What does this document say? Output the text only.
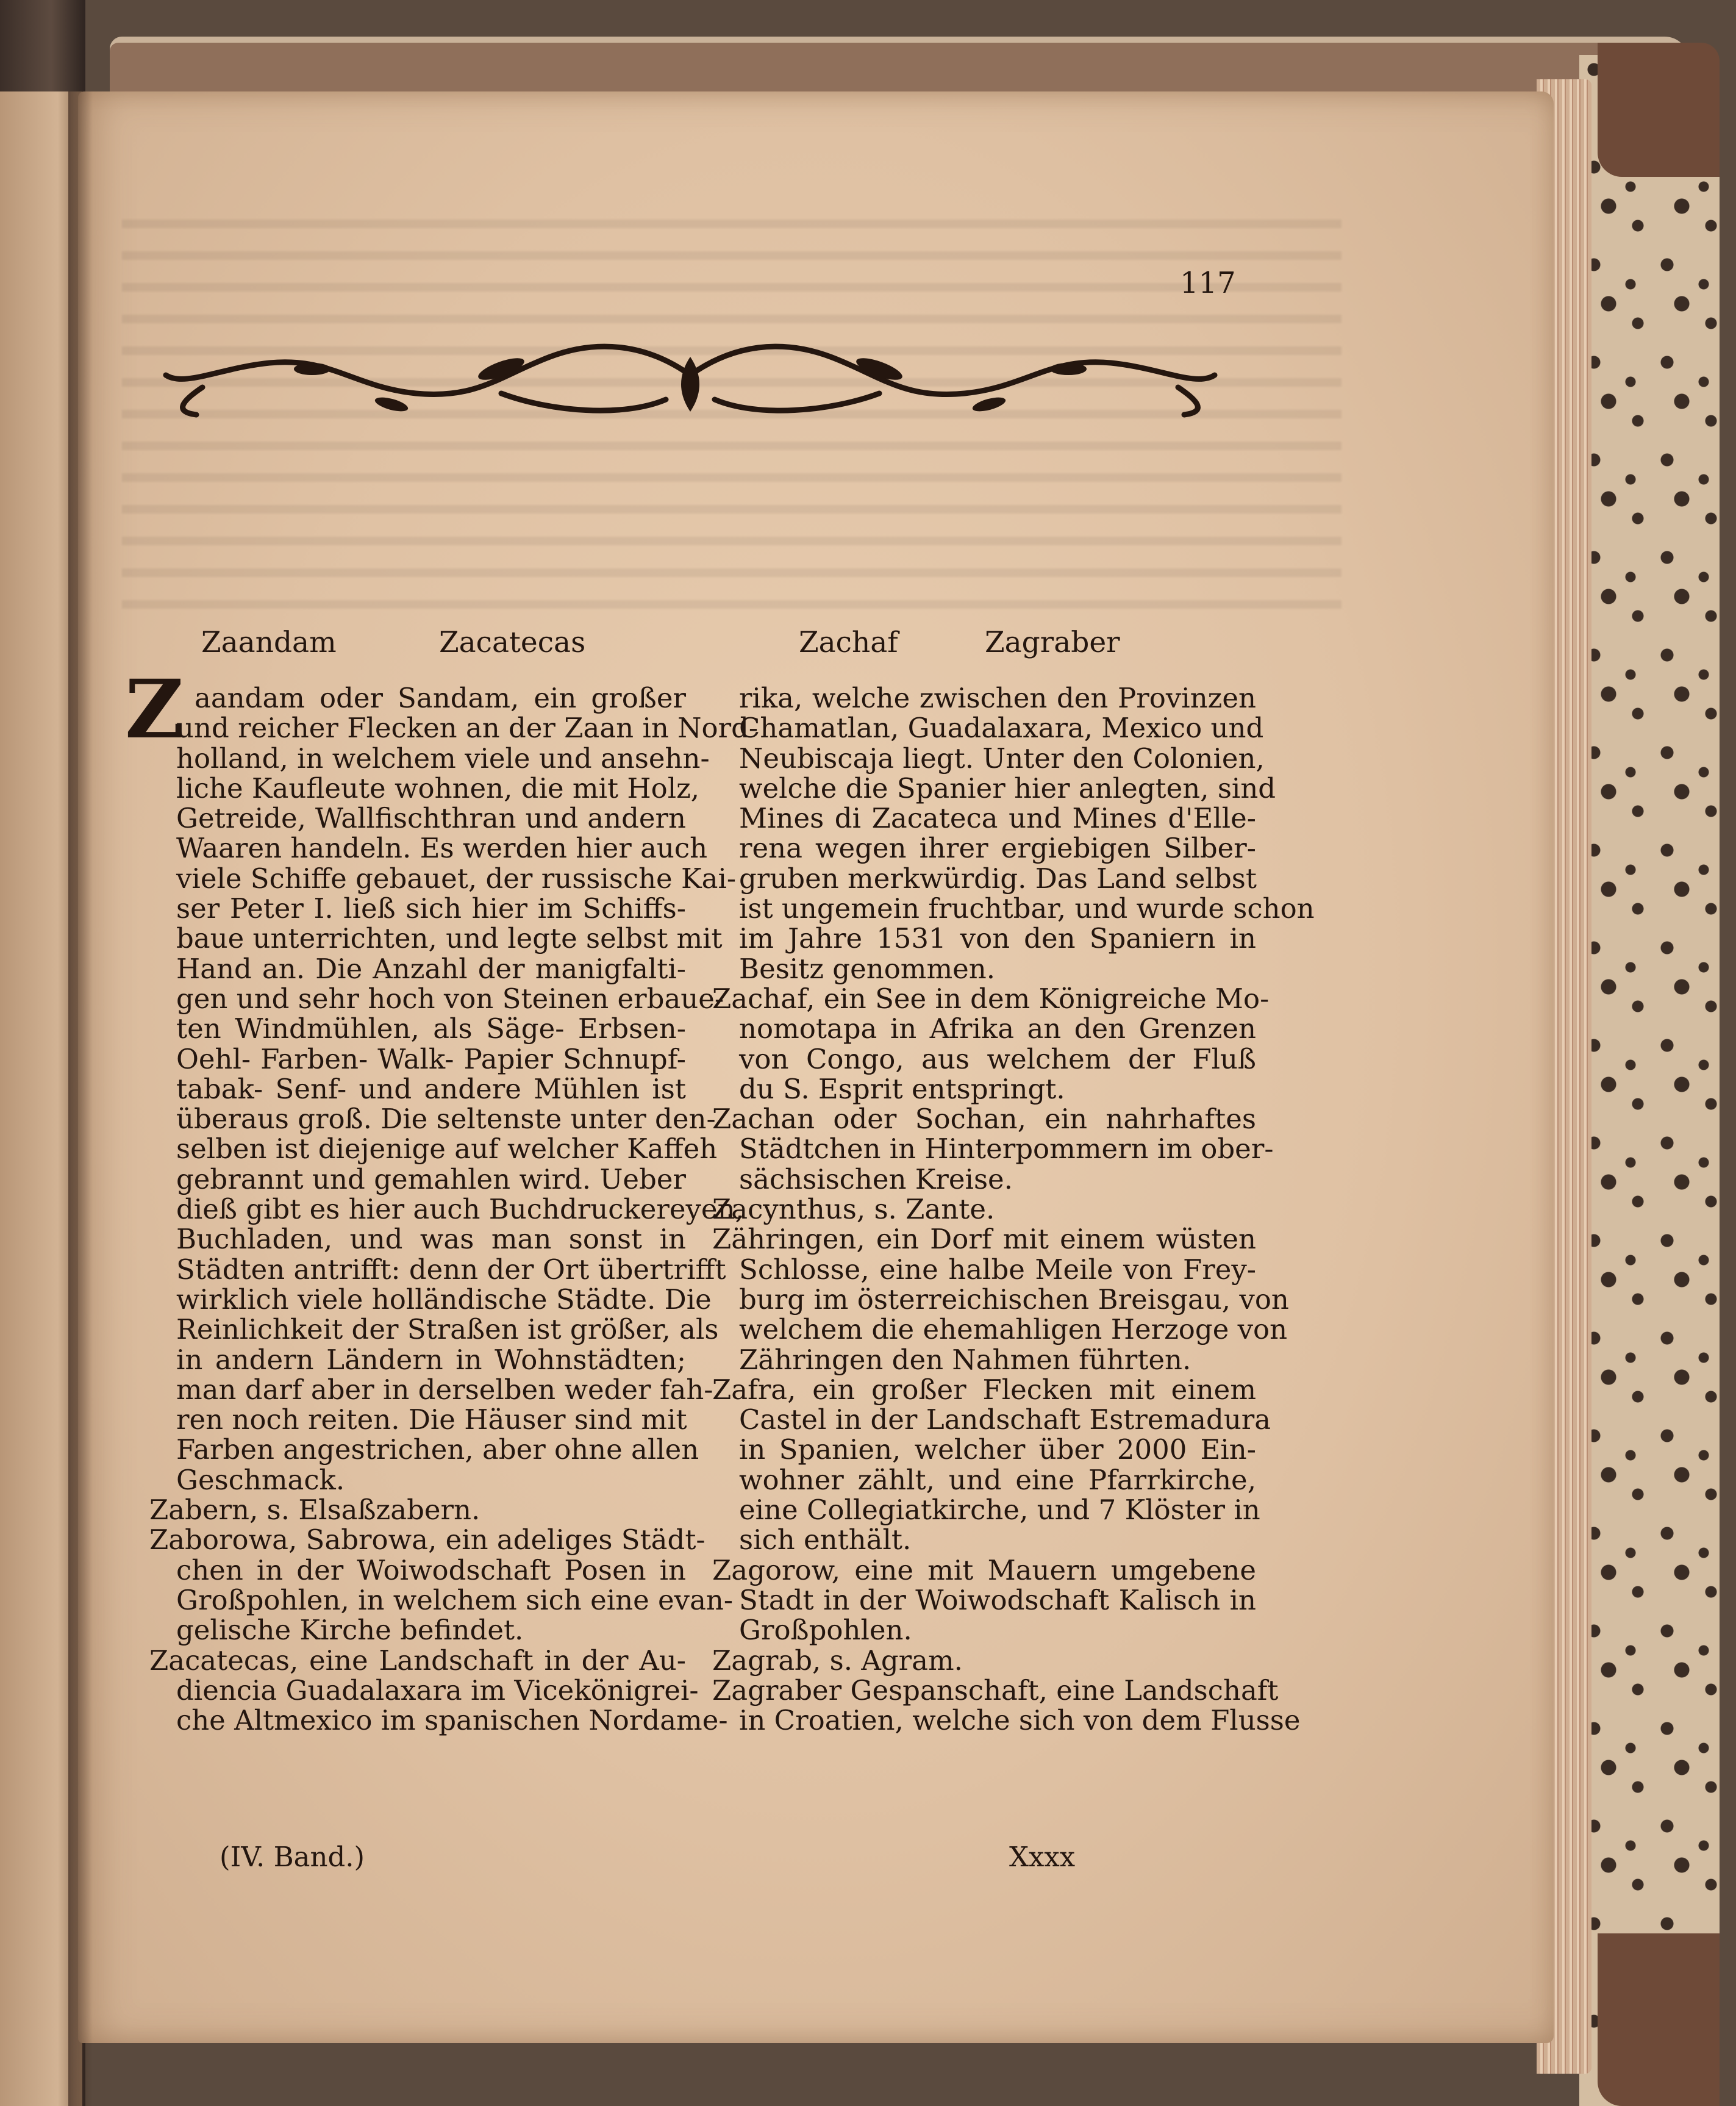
117
Zaandam	Zacatecas	Zachaf	Zagraber
Z aandam oder Sandam, ein großer
und reicher Flecken an der Zaan in Nord-
holland, in welchem viele und ansehn-
liche Kaufleute wohnen, die mit Holz,
Getreide, Wallfischthran und andern
Waaren handeln. Es werden hier auch
viele Schiffe gebauet, der russische Kai-
ser Peter I. ließ sich hier im Schiffs-
baue unterrichten, und legte selbst mit
Hand an. Die Anzahl der manigfalti-
gen und sehr hoch von Steinen erbaue-
ten Windmühlen, als Säge- Erbsen-
Oehl- Farben- Walk- Papier Schnupf-
tabak- Senf- und andere Mühlen ist
überaus groß. Die seltenste unter den-
selben ist diejenige auf welcher Kaffeh
gebrannt und gemahlen wird. Ueber
dieß gibt es hier auch Buchdruckereyen,
Buchladen, und was man sonst in
Städten antrifft: denn der Ort übertrifft
wirklich viele holländische Städte. Die
Reinlichkeit der Straßen ist größer, als
in andern Ländern in Wohnstädten;
man darf aber in derselben weder fah-
ren noch reiten. Die Häuser sind mit
Farben angestrichen, aber ohne allen
Geschmack.
Zabern, s. Elsaßzabern.
Zaborowa, Sabrowa, ein adeliges Städt-
chen in der Woiwodschaft Posen in
Großpohlen, in welchem sich eine evan-
gelische Kirche befindet.
Zacatecas, eine Landschaft in der Au-
diencia Guadalaxara im Vicekönigrei-
che Altmexico im spanischen Nordame-
rika, welche zwischen den Provinzen
Chamatlan, Guadalaxara, Mexico und
Neubiscaja liegt. Unter den Colonien,
welche die Spanier hier anlegten, sind
Mines di Zacateca und Mines d'Elle-
rena wegen ihrer ergiebigen Silber-
gruben merkwürdig. Das Land selbst
ist ungemein fruchtbar, und wurde schon
im Jahre 1531 von den Spaniern in
Besitz genommen.
Zachaf, ein See in dem Königreiche Mo-
nomotapa in Afrika an den Grenzen
von Congo, aus welchem der Fluß
du S. Esprit entspringt.
Zachan oder Sochan, ein nahrhaftes
Städtchen in Hinterpommern im ober-
sächsischen Kreise.
Zacynthus, s. Zante.
Zähringen, ein Dorf mit einem wüsten
Schlosse, eine halbe Meile von Frey-
burg im österreichischen Breisgau, von
welchem die ehemahligen Herzoge von
Zähringen den Nahmen führten.
Zafra, ein großer Flecken mit einem
Castel in der Landschaft Estremadura
in Spanien, welcher über 2000 Ein-
wohner zählt, und eine Pfarrkirche,
eine Collegiatkirche, und 7 Klöster in
sich enthält.
Zagorow, eine mit Mauern umgebene
Stadt in der Woiwodschaft Kalisch in
Großpohlen.
Zagrab, s. Agram.
Zagraber Gespanschaft, eine Landschaft
in Croatien, welche sich von dem Flusse
(IV. Band.)	Xxxx
